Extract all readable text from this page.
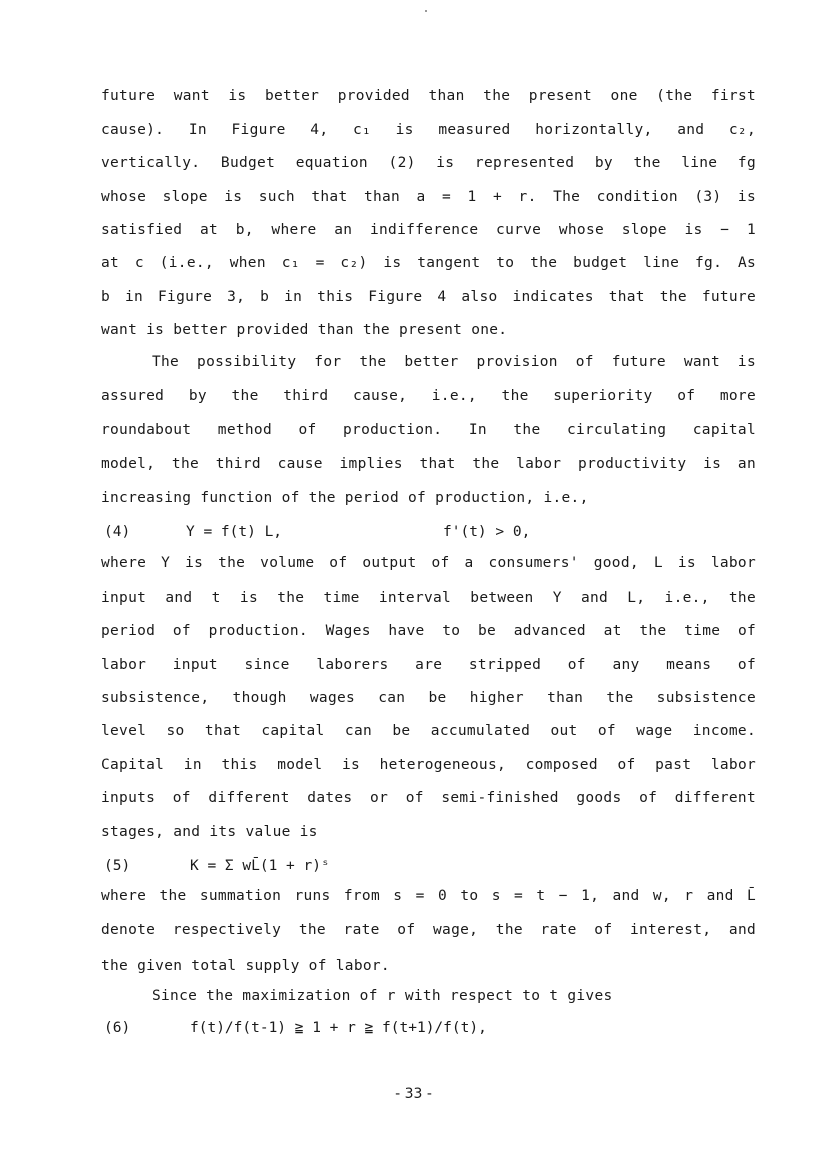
future want is better provided than the present one (the first
cause). In Figure 4, c₁ is measured horizontally, and c₂,
vertically. Budget equation (2) is represented by the line fg
whose slope is such that than a = 1 + r. The condition (3) is
satisfied at b, where an indifference curve whose slope is − 1
at c (i.e., when c₁ = c₂) is tangent to the budget line fg. As
b in Figure 3, b in this Figure 4 also indicates that the future
want is better provided than the present one.
The possibility for the better provision of future want is
assured by the third cause, i.e., the superiority of more
roundabout method of production. In the circulating capital
model, the third cause implies that the labor productivity is an
increasing function of the period of production, i.e.,
(4)	Y = f(t) L,	f'(t) > 0,
where Y is the volume of output of a consumers' good, L is labor
input and t is the time interval between Y and L, i.e., the
period of production. Wages have to be advanced at the time of
labor input since laborers are stripped of any means of
subsistence, though wages can be higher than the subsistence
level so that capital can be accumulated out of wage income.
Capital in this model is heterogeneous, composed of past labor
inputs of different dates or of semi-finished goods of different
stages, and its value is
(5)	K = Σ wL̄(1 + r)ˢ
where the summation runs from s = 0 to s = t − 1, and w, r and L̄
denote respectively the rate of wage, the rate of interest, and
the given total supply of labor.
Since the maximization of r with respect to t gives
(6)	f(t)/f(t-1) ≧ 1 + r ≧ f(t+1)/f(t),
- 33 -
